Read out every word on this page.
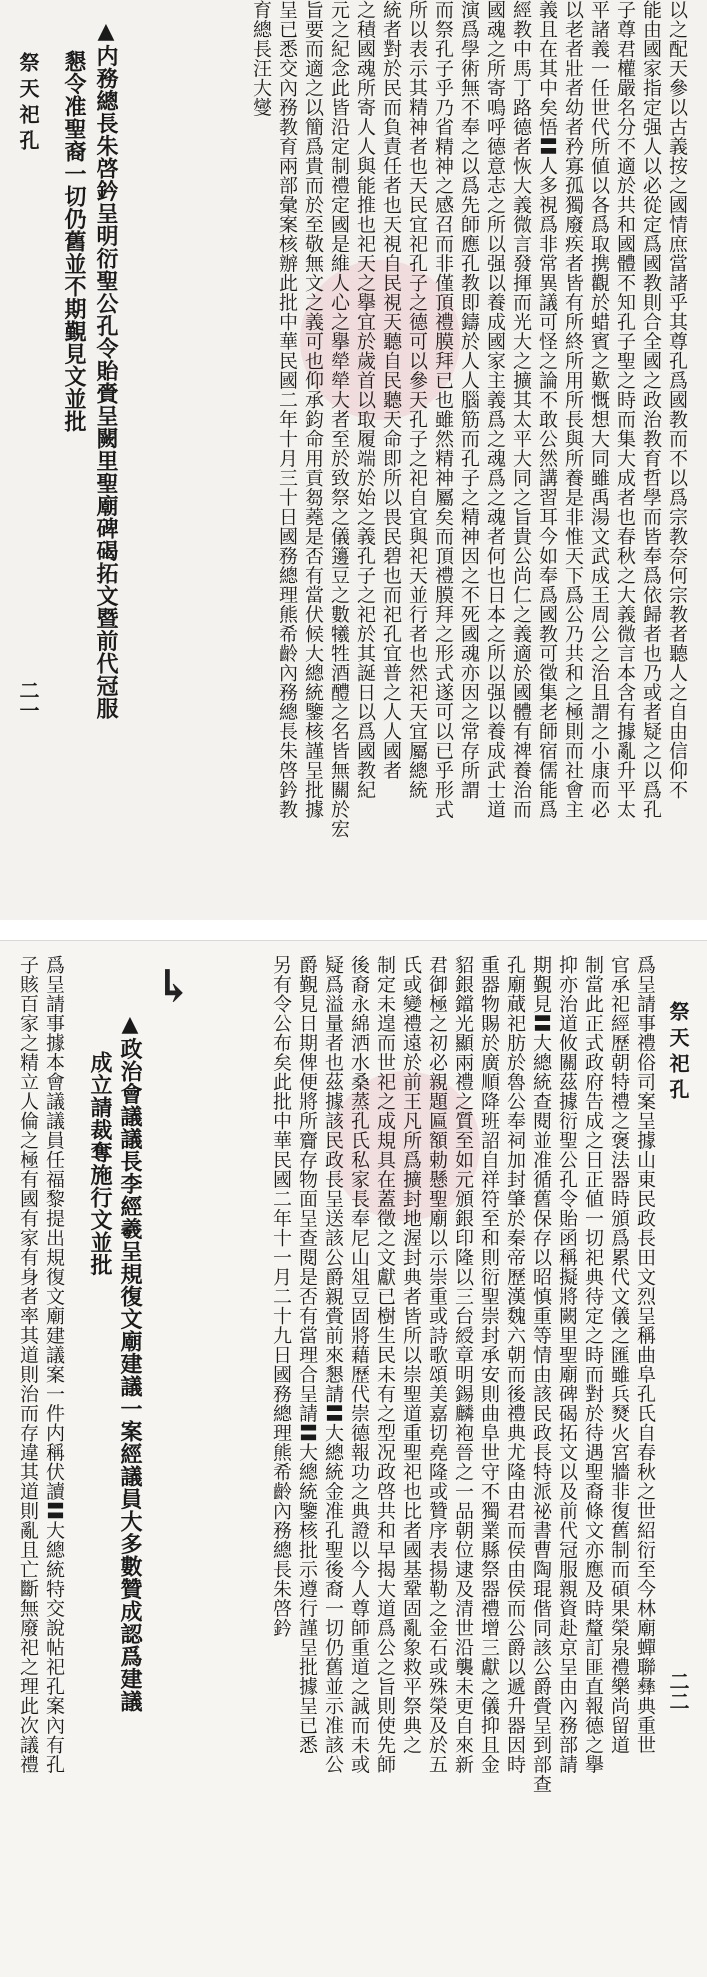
以之配天參以古義按之國情庶當諸乎其尊孔爲國教而不以爲宗教奈何宗教者聽人之自由信仰不
能由國家指定强人以必從定爲國教則合全國之政治教育哲學而皆奉爲依歸者也乃或者疑之以爲孔
子尊君權嚴名分不適於共和國體不知孔子聖之時而集大成者也春秋之大義微言本含有據亂升平太
平諸義一任世代所値以各爲取携觀於蜡賓之歎慨想大同雖禹湯文武成王周公之治且謂之小康而必
以老者壯者幼者矜寡孤獨廢疾者皆有所終所用所長與所養是非惟天下爲公乃共和之極則而社會主
義且在其中矣悟〓人多視爲非常異議可怪之論不敢公然講習耳今如奉爲國教可徵集老師宿儒能爲
經教中馬丁路德者恢大義微言發揮而光大之擴其太平大同之旨貴公尚仁之義適於國體有禆養治而
國魂之所寄鳴呼德意志之所以强以養成國家主義爲之魂爲之魂者何也日本之所以强以養成武士道
演爲學術無不奉之以爲先師應孔教即鑄於人人腦筋而孔子之精神因之不死國魂亦因之常存所謂
而祭孔子乎乃省精神之感召而非僅頂禮膜拜已也雖然精神屬矣而頂禮膜拜之形式遂可以已乎形式
所以表示其精神者也天民宜祀孔子之德可以參天孔子之祀自宜與祀天並行者也然祀天宜屬總統
統者對於民而負責任者也天視自民視天聽自民聽天命即所以畏民碧也而祀孔宜普之人人國者
之積國魂所寄人人與能推也祀天之擧宜於歲首以取履端於始之義孔子之祀於其誕日以爲國教紀
元之紀念此皆沿定制禮定國是維人心之擧犖犖大者至於致祭之儀籩豆之數犧牲酒醴之名皆無關於宏
旨要而適之以簡爲貴而於至敬無文之義可也仰承鈞命用貢芻蕘是否有當伏候大總統鑒核謹呈批據
呈已悉交內務教育兩部彙案核辦此批中華民國二年十月三十日國務總理熊希齡內務總長朱啓鈐教
育總長汪大燮
▲内務總長朱啓鈐呈明衍聖公孔令貽賫呈闕里聖廟碑碣拓文暨前代冠服
懇令准聖裔一切仍舊並不期覲見文並批
祭天祀孔
二一
祭天祀孔
二二
爲呈請事禮俗司案呈據山東民政長田文烈呈稱曲阜孔氏自春秋之世紹衍至今林廟蟬聯彝典重世
官承祀經歷朝特禮之褒法器時頒爲累代文儀之匯雖兵燹火宮牆非復舊制而碩果榮泉禮樂尚留道
制當此正式政府告成之日正値一切祀典待定之時而對於待遇聖裔條文亦應及時釐訂匪直報德之擧
抑亦治道攸關茲據衍聖公孔令貽函稱擬將闕里聖廟碑碣拓文以及前代冠服親資赴京呈由內務部請
期覲見〓大總統查閱並准循舊保存以昭慎重等情由該民政長特派祕書曹陶琨偕同該公爵賫呈到部查
孔廟蕆祀肪於魯公奉祠加封肇於秦帝歷漢魏六朝而後禮典尤隆由君而侯由侯而公爵以遞升器因時
重器物賜於廣順降班詔自祥符至和則衍聖崇封承安則曲阜世守不獨業縣祭器禮增三獻之儀抑且金
貂銀鐺光顯兩禮之質至如元頒銀印隆以三台綬章明錫麟袍晉之一品朝位逮及清世沿襲未更自來新
君御極之初必親題匾額勅懸聖廟以示崇重或詩歌頌美嘉切堯隆或贊序表揚勒之金石或殊榮及於五
氏或變禮遠於前王凡所爲擴封地渥封典者皆所以崇聖道重聖祀也比者國基鞏固亂象救平祭典之
制定未遑而世祀之成規具在蓋徵之文獻已樹生民未有之型况政啓共和早揭大道爲公之旨則使先師
後裔永綿洒水桑蒸孔氏私家長奉尼山俎豆固將藉歷代崇德報功之典證以今人尊師重道之誠而未或
疑爲溢量者也茲據該民政長呈送該公爵親賫前來懇請〓大總統金准孔聖後裔一切仍舊並示准該公
爵覲見日期俾便將所齎存物面呈查閱是否有當理合呈請〓大總統鑒核批示遵行謹呈批據呈已悉
另有令公布矣此批中華民國二年十一月二十九日國務總理熊希齡內務總長朱啓鈐
↳
▲政治會議議長李經羲呈規復文廟建議一案經議員大多數贊成認爲建議
成立請裁奪施行文並批
爲呈請事據本會議議員任福黎提出規復文廟建議案一件内稱伏讀〓大總統特交說帖祀孔案內有孔
子賅百家之精立人倫之極有國有家有身者率其道則治而存違其道則亂且亡斷無廢祀之理此次議禮
